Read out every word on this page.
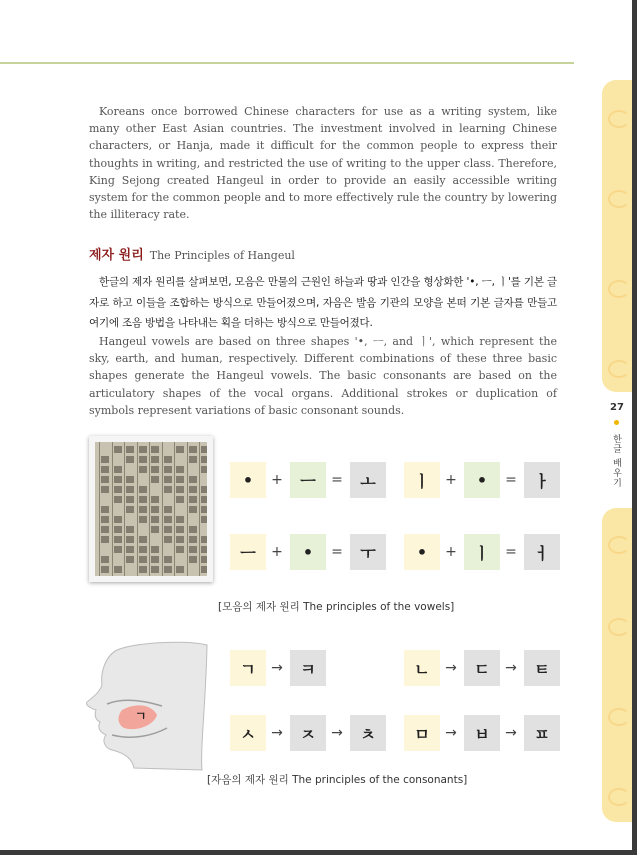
27
한글 배우기

Koreans once borrowed Chinese characters for use as a writing system, like many other East Asian countries. The investment involved in learning Chinese characters, or Hanja, made it difficult for the common people to express their thoughts in writing, and restricted the use of writing to the upper class. Therefore, King Sejong created Hangeul in order to provide an easily accessible writing system for the common people and to more effectively rule the country by lowering the illiteracy rate.

제자 원리 The Principles of Hangeul

한글의 제자 원리를 살펴보면, 모음은 만물의 근원인 하늘과 땅과 인간을 형상화한 '•, ㅡ, ㅣ'를 기본 글자로 하고 이들을 조합하는 방식으로 만들어졌으며, 자음은 발음 기관의 모양을 본떠 기본 글자를 만들고 여기에 조음 방법을 나타내는 획을 더하는 방식으로 만들어졌다.

Hangeul vowels are based on three shapes '•, ㅡ, and ㅣ', which represent the sky, earth, and human, respectively. Different combinations of these three basic shapes generate the Hangeul vowels. The basic consonants are based on the articulatory shapes of the vocal organs. Additional strokes or duplication of symbols represent variations of basic consonant sounds.

•	+	ㅡ	=	ㅗ	ㅣ	+	•	=	ㅏ
ㅡ	+	•	=	ㅜ	•	+	ㅣ	=	ㅓ
[모음의 제자 원리 The principles of the vowels]
ㄱ
ㄱ	→	ㅋ	ㄴ	→	ㄷ	→	ㅌ
ㅅ	→	ㅈ	→	ㅊ	ㅁ	→	ㅂ	→	ㅍ
[자음의 제자 원리 The principles of the consonants]
